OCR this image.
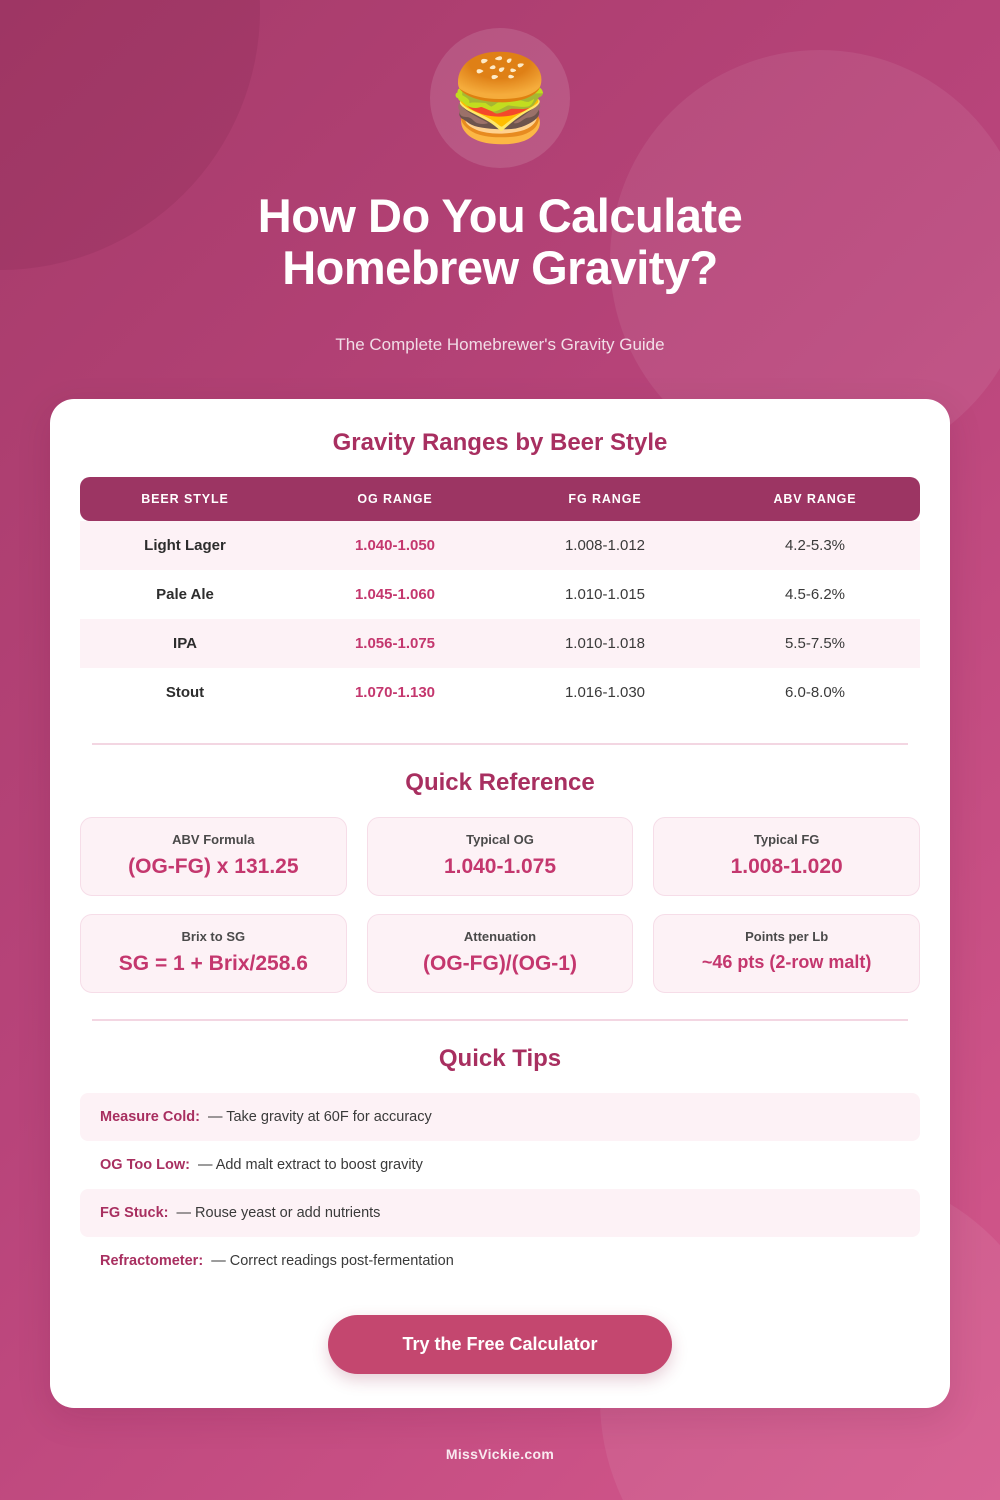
🍔
How Do You Calculate
Homebrew Gravity?
The Complete Homebrewer's Gravity Guide
Gravity Ranges by Beer Style
BEER STYLE	OG RANGE	FG RANGE	ABV RANGE
Light Lager	1.040-1.050	1.008-1.012	4.2-5.3%
Pale Ale	1.045-1.060	1.010-1.015	4.5-6.2%
IPA	1.056-1.075	1.010-1.018	5.5-7.5%
Stout	1.070-1.130	1.016-1.030	6.0-8.0%
Quick Reference
ABV Formula
(OG-FG) x 131.25
Typical OG
1.040-1.075
Typical FG
1.008-1.020
Brix to SG
SG = 1 + Brix/258.6
Attenuation
(OG-FG)/(OG-1)
Points per Lb
~46 pts (2-row malt)
Quick Tips
Measure Cold: — Take gravity at 60F for accuracy
OG Too Low: — Add malt extract to boost gravity
FG Stuck: — Rouse yeast or add nutrients
Refractometer: — Correct readings post-fermentation
Try the Free Calculator
MissVickie.com
